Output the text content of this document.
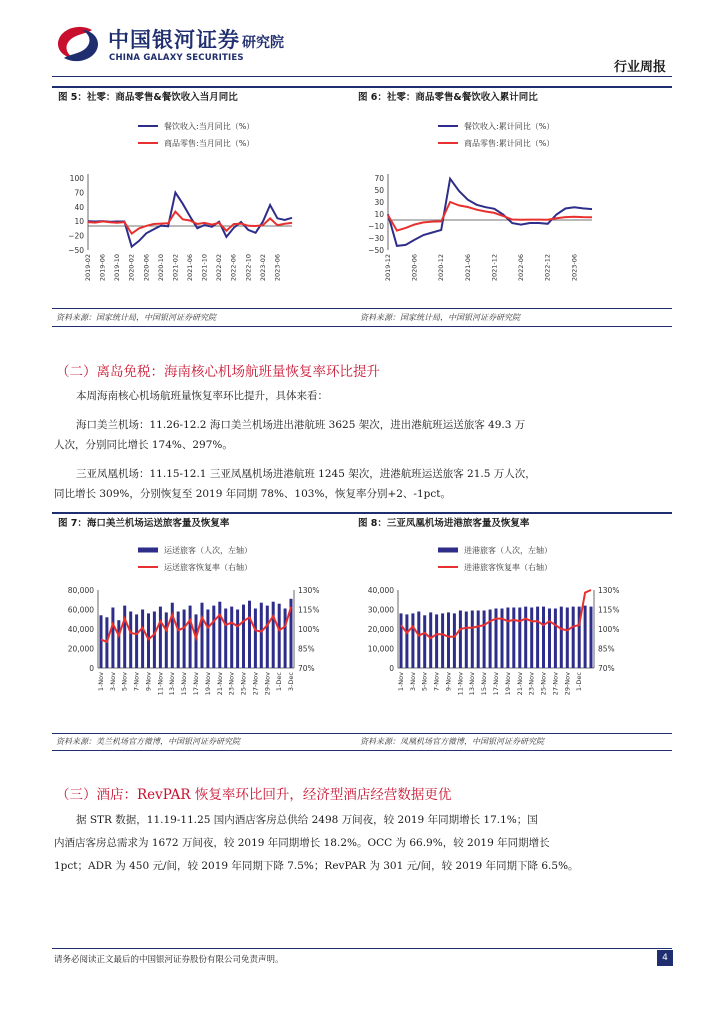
中国银河证券 研究院
CHINA GALAXY SECURITIES
行业周报
图 5：社零：商品零售&餐饮收入当月同比
餐饮收入:当月同比（%）
商品零售:当月同比（%）
100
70
40
10
−20
−50
2019-02 2019-06 2019-10 2020-02 2020-06 2020-10 2021-02 2021-06 2021-10 2022-02 2022-06 2022-10 2023-02 2023-06
图 6：社零：商品零售&餐饮收入累计同比
餐饮收入:累计同比（%）
商品零售:累计同比（%）
70
50
30
10
−10
−30
−50
2019-12	2020-06	2020-12	2021-06	2021-12	2022-06	2022-12	2023-06
资料来源：国家统计局，中国银河证券研究院	资料来源：国家统计局，中国银河证券研究院
（二）离岛免税：海南核心机场航班量恢复率环比提升
本周海南核心机场航班量恢复率环比提升，具体来看：
海口美兰机场：11.26-12.2 海口美兰机场进出港航班 3625 架次，进出港航班运送旅客 49.3 万
人次，分别同比增长 174%、297%。
三亚凤凰机场：11.15-12.1 三亚凤凰机场进港航班 1245 架次，进港航班运送旅客 21.5 万人次，
同比增长 309%，分别恢复至 2019 年同期 78%、103%，恢复率分别+2、-1pct。
图 7：海口美兰机场运送旅客量及恢复率
运送旅客（人次，左轴）
运送旅客恢复率（右轴）
80,000
60,000
40,000
20,000
0
130%
115%
100%
85%
70%
1-Nov 3-Nov 5-Nov 7-Nov 9-Nov 11-Nov 13-Nov 15-Nov 17-Nov 19-Nov 21-Nov 23-Nov 25-Nov 27-Nov 29-Nov 1-Dec 3-Dec
图 8：三亚凤凰机场进港旅客量及恢复率
进港旅客（人次，左轴）
进港旅客恢复率（右轴）
40,000
30,000
20,000
10,000
0
130%
115%
100%
85%
70%
1-Nov 3-Nov 5-Nov 7-Nov 9-Nov 11-Nov 13-Nov 15-Nov 17-Nov 19-Nov 21-Nov 23-Nov 25-Nov 27-Nov 29-Nov 1-Dec
资料来源：美兰机场官方微博，中国银河证券研究院	资料来源：凤凰机场官方微博，中国银河证券研究院
（三）酒店：RevPAR 恢复率环比回升，经济型酒店经营数据更优
据 STR 数据，11.19-11.25 国内酒店客房总供给 2498 万间夜，较 2019 年同期增长 17.1%；国
内酒店客房总需求为 1672 万间夜，较 2019 年同期增长 18.2%。OCC 为 66.9%，较 2019 年同期增长
1pct；ADR 为 450 元/间，较 2019 年同期下降 7.5%；RevPAR 为 301 元/间，较 2019 年同期下降 6.5%。
请务必阅读正文最后的中国银河证券股份有限公司免责声明。	4
